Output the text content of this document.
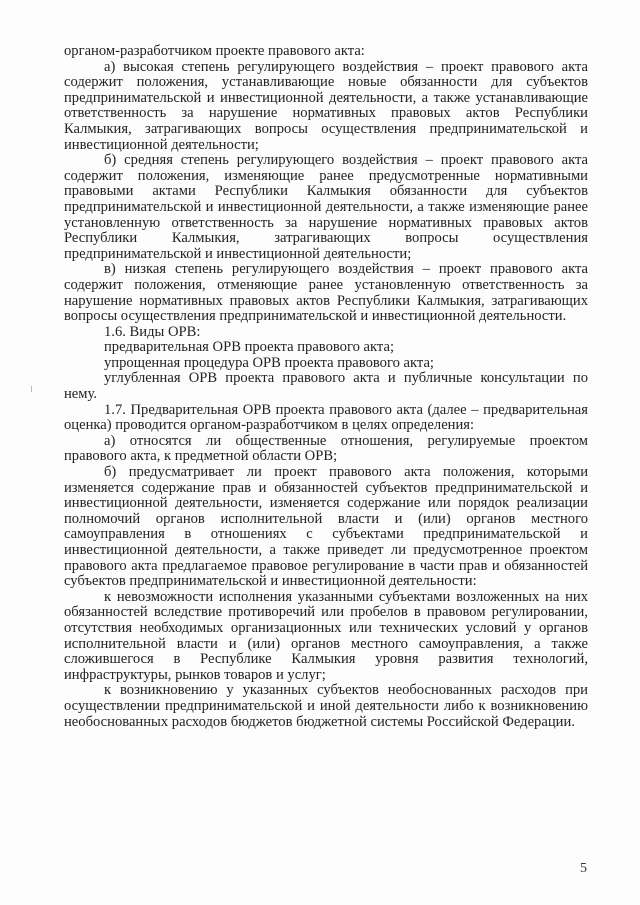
органом-разработчиком проекте правового акта:

а) высокая степень регулирующего воздействия – проект правового акта содержит положения, устанавливающие новые обязанности для субъектов предпринимательской и инвестиционной деятельности, а также устанавливающие ответственность за нарушение нормативных правовых актов Республики Калмыкия, затрагивающих вопросы осуществления предпринимательской и инвестиционной деятельности;

б) средняя степень регулирующего воздействия – проект правового акта содержит положения, изменяющие ранее предусмотренные нормативными правовыми актами Республики Калмыкия обязанности для субъектов предпринимательской и инвестиционной деятельности, а также изменяющие ранее установленную ответственность за нарушение нормативных правовых актов Республики Калмыкия, затрагивающих вопросы осуществления предпринимательской и инвестиционной деятельности;

в) низкая степень регулирующего воздействия – проект правового акта содержит положения, отменяющие ранее установленную ответственность за нарушение нормативных правовых актов Республики Калмыкия, затрагивающих вопросы осуществления предпринимательской и инвестиционной деятельности.

1.6. Виды ОРВ:

предварительная ОРВ проекта правового акта;

упрощенная процедура ОРВ проекта правового акта;

углубленная ОРВ проекта правового акта и публичные консультации по нему.

1.7. Предварительная ОРВ проекта правового акта (далее – предварительная оценка) проводится органом-разработчиком в целях определения:

а) относятся ли общественные отношения, регулируемые проектом правового акта, к предметной области ОРВ;

б) предусматривает ли проект правового акта положения, которыми изменяется содержание прав и обязанностей субъектов предпринимательской и инвестиционной деятельности, изменяется содержание или порядок реализации полномочий органов исполнительной власти и (или) органов местного самоуправления в отношениях с субъектами предпринимательской и инвестиционной деятельности, а также приведет ли предусмотренное проектом правового акта предлагаемое правовое регулирование в части прав и обязанностей субъектов предпринимательской и инвестиционной деятельности:

к невозможности исполнения указанными субъектами возложенных на них обязанностей вследствие противоречий или пробелов в правовом регулировании, отсутствия необходимых организационных или технических условий у органов исполнительной власти и (или) органов местного самоуправления, а также сложившегося в Республике Калмыкия уровня развития технологий, инфраструктуры, рынков товаров и услуг;

к возникновению у указанных субъектов необоснованных расходов при осуществлении предпринимательской и иной деятельности либо к возникновению необоснованных расходов бюджетов бюджетной системы Российской Федерации.

5
